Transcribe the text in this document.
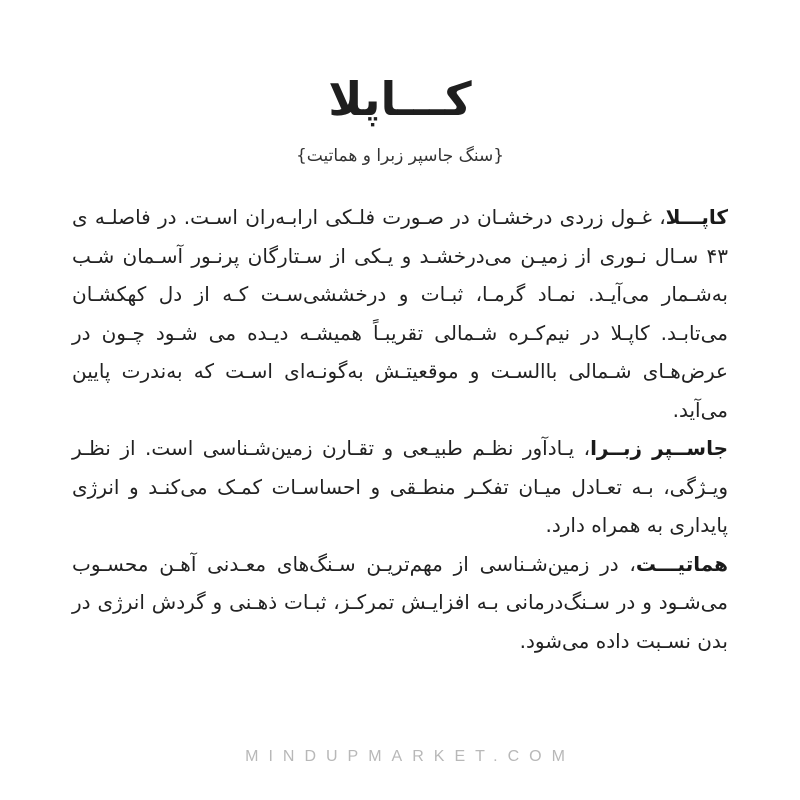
کـــاپلا
{سنگ جاسپر زبرا و هماتیت}

کاپـــلا، غـول زردی درخشـان در صـورت فلـکی ارابـه‌ران اسـت. در فاصلـه ی ۴۳ سـال نـوری از زمیـن می‌درخشـد و یـکی از سـتارگان پرنـور آسـمان شـب به‌شـمار می‌آیـد. نمـاد گرمـا، ثبـات و درخششی‌سـت کـه از دل کهکشـان می‌تابـد. کاپـلا در نیم‌کـره شـمالی تقریبـاً همیشـه دیـده می شـود چـون در عرض‌هـای شـمالی باالسـت و موقعیتـش به‌گونـه‌ای اسـت که به‌ندرت پایین می‌آید.

جاســپر زبــرا، یـادآور نظـم طبیـعی و تقـارن زمین‌شـناسی است. از نظـر ویـژگی، بـه تعـادل میـان تفکـر منطـقی و احساسـات کمـک می‌کنـد و انرژی پایداری به همراه دارد.

هماتیـــت، در زمین‌شـناسی از مهم‌تریـن سـنگ‌های معـدنی آهـن محسـوب می‌شـود و در سـنگ‌درمانی بـه افزایـش تمرکـز، ثبـات ذهـنی و گردش انرژی در بدن نسـبت داده می‌شود.

MINDUPMARKET.COM
